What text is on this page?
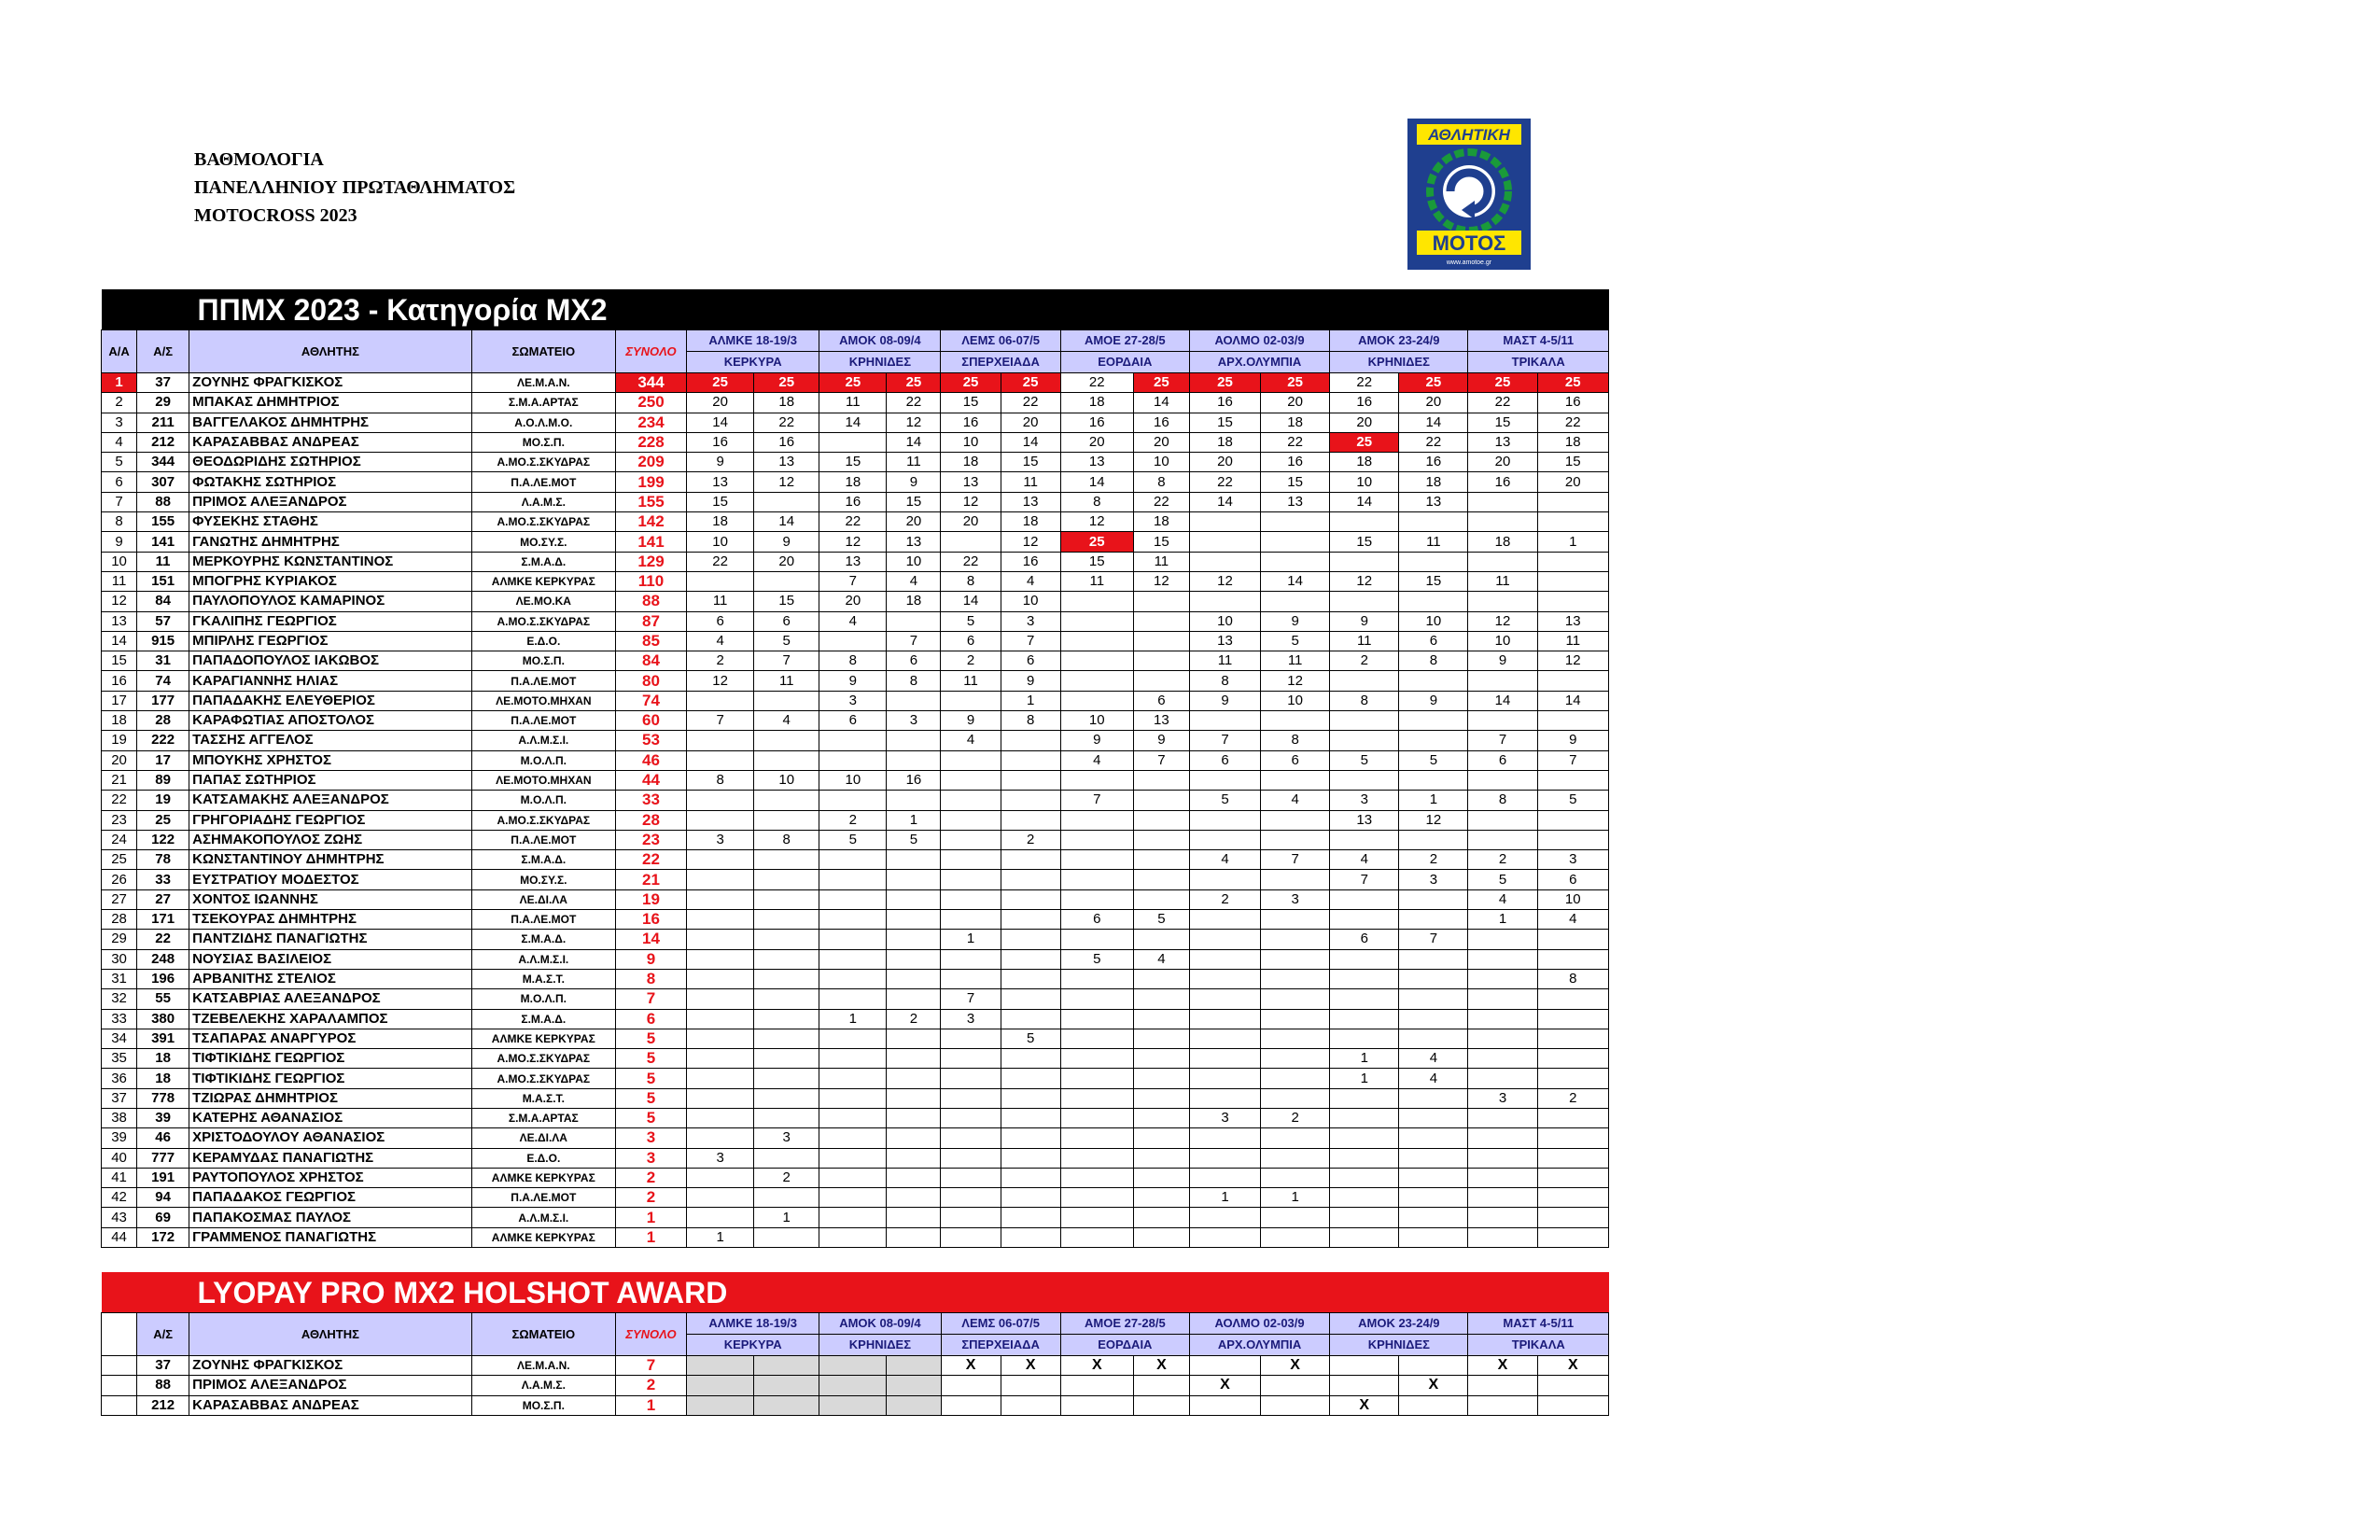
ΒΑΘΜΟΛΟΓΙΑ
ΠΑΝΕΛΛΗΝΙΟΥ ΠΡΩΤΑΘΛΗΜΑΤΟΣ
MOTOCROSS 2023
ΑΘΛΗΤΙΚΗ
ΜΟΤΟΣ
www.amotoe.gr
ΠΠΜΧ 2023 - Κατηγορία ΜΧ2																		
Α/Α	Α/Σ	ΑΘΛΗΤΗΣ	ΣΩΜΑΤΕΙΟ	ΣΥΝΟΛΟ	ΑΛΜΚΕ 18-19/3		ΑΜΟΚ 08-09/4		ΛΕΜΣ 06-07/5		ΑΜΟΕ 27-28/5		ΑΟΛΜΟ 02-03/9		ΑΜΟΚ 23-24/9		ΜΑΣΤ 4-5/11	
					ΚΕΡΚΥΡΑ		ΚΡΗΝΙΔΕΣ		ΣΠΕΡΧΕΙΑΔΑ		ΕΟΡΔΑΙΑ		ΑΡΧ.ΟΛΥΜΠΙΑ		ΚΡΗΝΙΔΕΣ		ΤΡΙΚΑΛΑ	
1	37	ΖΟΥΝΗΣ ΦΡΑΓΚΙΣΚΟΣ	ΛΕ.Μ.Α.Ν.	344	25	25	25	25	25	25	22	25	25	25	22	25	25	25
2	29	ΜΠΑΚΑΣ ΔΗΜΗΤΡΙΟΣ	Σ.Μ.Α.ΑΡΤΑΣ	250	20	18	11	22	15	22	18	14	16	20	16	20	22	16
3	211	ΒΑΓΓΕΛΑΚΟΣ ΔΗΜΗΤΡΗΣ	Α.Ο.Λ.Μ.Ο.	234	14	22	14	12	16	20	16	16	15	18	20	14	15	22
4	212	ΚΑΡΑΣΑΒΒΑΣ ΑΝΔΡΕΑΣ	ΜΟ.Σ.Π.	228	16	16		14	10	14	20	20	18	22	25	22	13	18
5	344	ΘΕΟΔΩΡΙΔΗΣ ΣΩΤΗΡΙΟΣ	Α.ΜΟ.Σ.ΣΚΥΔΡΑΣ	209	9	13	15	11	18	15	13	10	20	16	18	16	20	15
6	307	ΦΩΤΑΚΗΣ ΣΩΤΗΡΙΟΣ	Π.Α.ΛΕ.ΜΟΤ	199	13	12	18	9	13	11	14	8	22	15	10	18	16	20
7	88	ΠΡΙΜΟΣ ΑΛΕΞΑΝΔΡΟΣ	Λ.Α.Μ.Σ.	155	15		16	15	12	13	8	22	14	13	14	13		
8	155	ΦΥΣΕΚΗΣ ΣΤΑΘΗΣ	Α.ΜΟ.Σ.ΣΚΥΔΡΑΣ	142	18	14	22	20	20	18	12	18						
9	141	ΓΑΝΩΤΗΣ ΔΗΜΗΤΡΗΣ	ΜΟ.ΣΥ.Σ.	141	10	9	12	13		12	25	15			15	11	18	1
10	11	ΜΕΡΚΟΥΡΗΣ ΚΩΝΣΤΑΝΤΙΝΟΣ	Σ.Μ.Α.Δ.	129	22	20	13	10	22	16	15	11						
11	151	ΜΠΟΓΡΗΣ ΚΥΡΙΑΚΟΣ	ΑΛΜΚΕ ΚΕΡΚΥΡΑΣ	110			7	4	8	4	11	12	12	14	12	15	11	
12	84	ΠΑΥΛΟΠΟΥΛΟΣ ΚΑΜΑΡΙΝΟΣ	ΛΕ.ΜΟ.ΚΑ	88	11	15	20	18	14	10								
13	57	ΓΚΑΛΙΠΗΣ ΓΕΩΡΓΙΟΣ	Α.ΜΟ.Σ.ΣΚΥΔΡΑΣ	87	6	6	4		5	3			10	9	9	10	12	13
14	915	ΜΠΙΡΛΗΣ ΓΕΩΡΓΙΟΣ	Ε.Δ.Ο.	85	4	5		7	6	7			13	5	11	6	10	11
15	31	ΠΑΠΑΔΟΠΟΥΛΟΣ ΙΑΚΩΒΟΣ	ΜΟ.Σ.Π.	84	2	7	8	6	2	6			11	11	2	8	9	12
16	74	ΚΑΡΑΓΙΑΝΝΗΣ ΗΛΙΑΣ	Π.Α.ΛΕ.ΜΟΤ	80	12	11	9	8	11	9			8	12				
17	177	ΠΑΠΑΔΑΚΗΣ ΕΛΕΥΘΕΡΙΟΣ	ΛΕ.ΜΟΤΟ.ΜΗΧΑΝ	74			3			1		6	9	10	8	9	14	14
18	28	ΚΑΡΑΦΩΤΙΑΣ ΑΠΟΣΤΟΛΟΣ	Π.Α.ΛΕ.ΜΟΤ	60	7	4	6	3	9	8	10	13						
19	222	ΤΑΣΣΗΣ ΑΓΓΕΛΟΣ	Α.Λ.Μ.Σ.Ι.	53					4		9	9	7	8			7	9
20	17	ΜΠΟΥΚΗΣ ΧΡΗΣΤΟΣ	Μ.Ο.Λ.Π.	46							4	7	6	6	5	5	6	7
21	89	ΠΑΠΑΣ ΣΩΤΗΡΙΟΣ	ΛΕ.ΜΟΤΟ.ΜΗΧΑΝ	44	8	10	10	16										
22	19	ΚΑΤΣΑΜΑΚΗΣ ΑΛΕΞΑΝΔΡΟΣ	Μ.Ο.Λ.Π.	33							7		5	4	3	1	8	5
23	25	ΓΡΗΓΟΡΙΑΔΗΣ ΓΕΩΡΓΙΟΣ	Α.ΜΟ.Σ.ΣΚΥΔΡΑΣ	28			2	1							13	12		
24	122	ΑΣΗΜΑΚΟΠΟΥΛΟΣ ΖΩΗΣ	Π.Α.ΛΕ.ΜΟΤ	23	3	8	5	5		2								
25	78	ΚΩΝΣΤΑΝΤΙΝΟΥ ΔΗΜΗΤΡΗΣ	Σ.Μ.Α.Δ.	22									4	7	4	2	2	3
26	33	ΕΥΣΤΡΑΤΙΟΥ ΜΟΔΕΣΤΟΣ	ΜΟ.ΣΥ.Σ.	21											7	3	5	6
27	27	ΧΟΝΤΟΣ ΙΩΑΝΝΗΣ	ΛΕ.ΔΙ.ΛΑ	19									2	3			4	10
28	171	ΤΣΕΚΟΥΡΑΣ ΔΗΜΗΤΡΗΣ	Π.Α.ΛΕ.ΜΟΤ	16							6	5					1	4
29	22	ΠΑΝΤΖΙΔΗΣ ΠΑΝΑΓΙΩΤΗΣ	Σ.Μ.Α.Δ.	14					1						6	7		
30	248	ΝΟΥΣΙΑΣ ΒΑΣΙΛΕΙΟΣ	Α.Λ.Μ.Σ.Ι.	9							5	4						
31	196	ΑΡΒΑΝΙΤΗΣ ΣΤΕΛΙΟΣ	Μ.Α.Σ.Τ.	8														8
32	55	ΚΑΤΣΑΒΡΙΑΣ ΑΛΕΞΑΝΔΡΟΣ	Μ.Ο.Λ.Π.	7					7									
33	380	ΤΖΕΒΕΛΕΚΗΣ ΧΑΡΑΛΑΜΠΟΣ	Σ.Μ.Α.Δ.	6			1	2	3									
34	391	ΤΣΑΠΑΡΑΣ ΑΝΑΡΓΥΡΟΣ	ΑΛΜΚΕ ΚΕΡΚΥΡΑΣ	5						5								
35	18	ΤΙΦΤΙΚΙΔΗΣ ΓΕΩΡΓΙΟΣ	Α.ΜΟ.Σ.ΣΚΥΔΡΑΣ	5											1	4		
36	18	ΤΙΦΤΙΚΙΔΗΣ ΓΕΩΡΓΙΟΣ	Α.ΜΟ.Σ.ΣΚΥΔΡΑΣ	5											1	4		
37	778	ΤΖΙΩΡΑΣ ΔΗΜΗΤΡΙΟΣ	Μ.Α.Σ.Τ.	5													3	2
38	39	ΚΑΤΕΡΗΣ ΑΘΑΝΑΣΙΟΣ	Σ.Μ.Α.ΑΡΤΑΣ	5									3	2				
39	46	ΧΡΙΣΤΟΔΟΥΛΟΥ ΑΘΑΝΑΣΙΟΣ	ΛΕ.ΔΙ.ΛΑ	3		3												
40	777	ΚΕΡΑΜΥΔΑΣ ΠΑΝΑΓΙΩΤΗΣ	Ε.Δ.Ο.	3	3													
41	191	ΡΑΥΤΟΠΟΥΛΟΣ ΧΡΗΣΤΟΣ	ΑΛΜΚΕ ΚΕΡΚΥΡΑΣ	2		2												
42	94	ΠΑΠΑΔΑΚΟΣ ΓΕΩΡΓΙΟΣ	Π.Α.ΛΕ.ΜΟΤ	2									1	1				
43	69	ΠΑΠΑΚΟΣΜΑΣ ΠΑΥΛΟΣ	Α.Λ.Μ.Σ.Ι.	1		1												
44	172	ΓΡΑΜΜΕΝΟΣ ΠΑΝΑΓΙΩΤΗΣ	ΑΛΜΚΕ ΚΕΡΚΥΡΑΣ	1	1													
LYOPAY PRO MX2 HOLSHOT AWARD																		
	Α/Σ	ΑΘΛΗΤΗΣ	ΣΩΜΑΤΕΙΟ	ΣΥΝΟΛΟ	ΑΛΜΚΕ 18-19/3		ΑΜΟΚ 08-09/4		ΛΕΜΣ 06-07/5		ΑΜΟΕ 27-28/5		ΑΟΛΜΟ 02-03/9		ΑΜΟΚ 23-24/9		ΜΑΣΤ 4-5/11	
					ΚΕΡΚΥΡΑ		ΚΡΗΝΙΔΕΣ		ΣΠΕΡΧΕΙΑΔΑ		ΕΟΡΔΑΙΑ		ΑΡΧ.ΟΛΥΜΠΙΑ		ΚΡΗΝΙΔΕΣ		ΤΡΙΚΑΛΑ	
	37	ΖΟΥΝΗΣ ΦΡΑΓΚΙΣΚΟΣ	ΛΕ.Μ.Α.Ν.	7					X	X	X	X		X			X	X
	88	ΠΡΙΜΟΣ ΑΛΕΞΑΝΔΡΟΣ	Λ.Α.Μ.Σ.	2									X			X		
	212	ΚΑΡΑΣΑΒΒΑΣ ΑΝΔΡΕΑΣ	ΜΟ.Σ.Π.	1											X			
